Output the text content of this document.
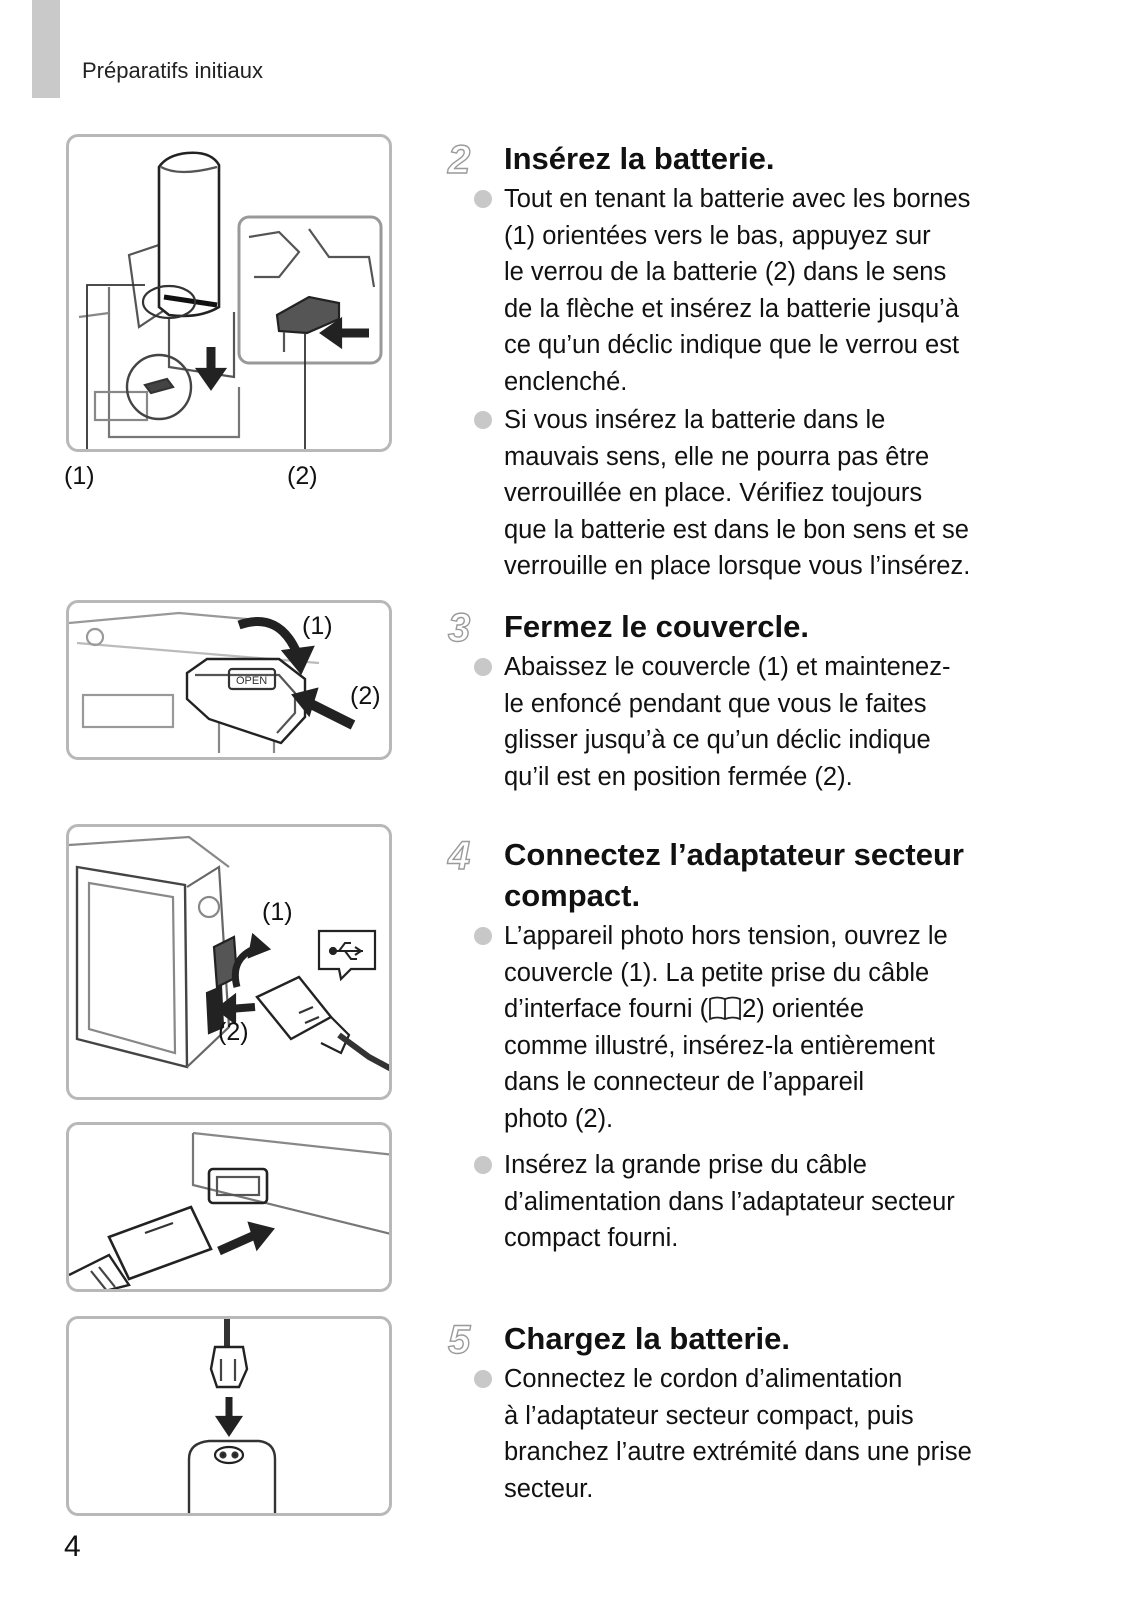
Préparatifs initiaux
(1)	(2)
OPEN
(1)
(2)
(1)
(2)
2 Insérez la batterie.
Tout en tenant la batterie avec les bornes
(1) orientées vers le bas, appuyez sur
le verrou de la batterie (2) dans le sens
de la flèche et insérez la batterie jusqu’à
ce qu’un déclic indique que le verrou est
enclenché.
Si vous insérez la batterie dans le
mauvais sens, elle ne pourra pas être
verrouillée en place. Vérifiez toujours
que la batterie est dans le bon sens et se
verrouille en place lorsque vous l’insérez.
3 Fermez le couvercle.
Abaissez le couvercle (1) et maintenez-
le enfoncé pendant que vous le faites
glisser jusqu’à ce qu’un déclic indique
qu’il est en position fermée (2).
4 Connectez l’adaptateur secteur
compact.
L’appareil photo hors tension, ouvrez le
couvercle (1). La petite prise du câble
d’interface fourni ( 2) orientée
comme illustré, insérez-la entièrement
dans le connecteur de l’appareil
photo (2).
Insérez la grande prise du câble
d’alimentation dans l’adaptateur secteur
compact fourni.
5 Chargez la batterie.
Connectez le cordon d’alimentation
à l’adaptateur secteur compact, puis
branchez l’autre extrémité dans une prise
secteur.
4
